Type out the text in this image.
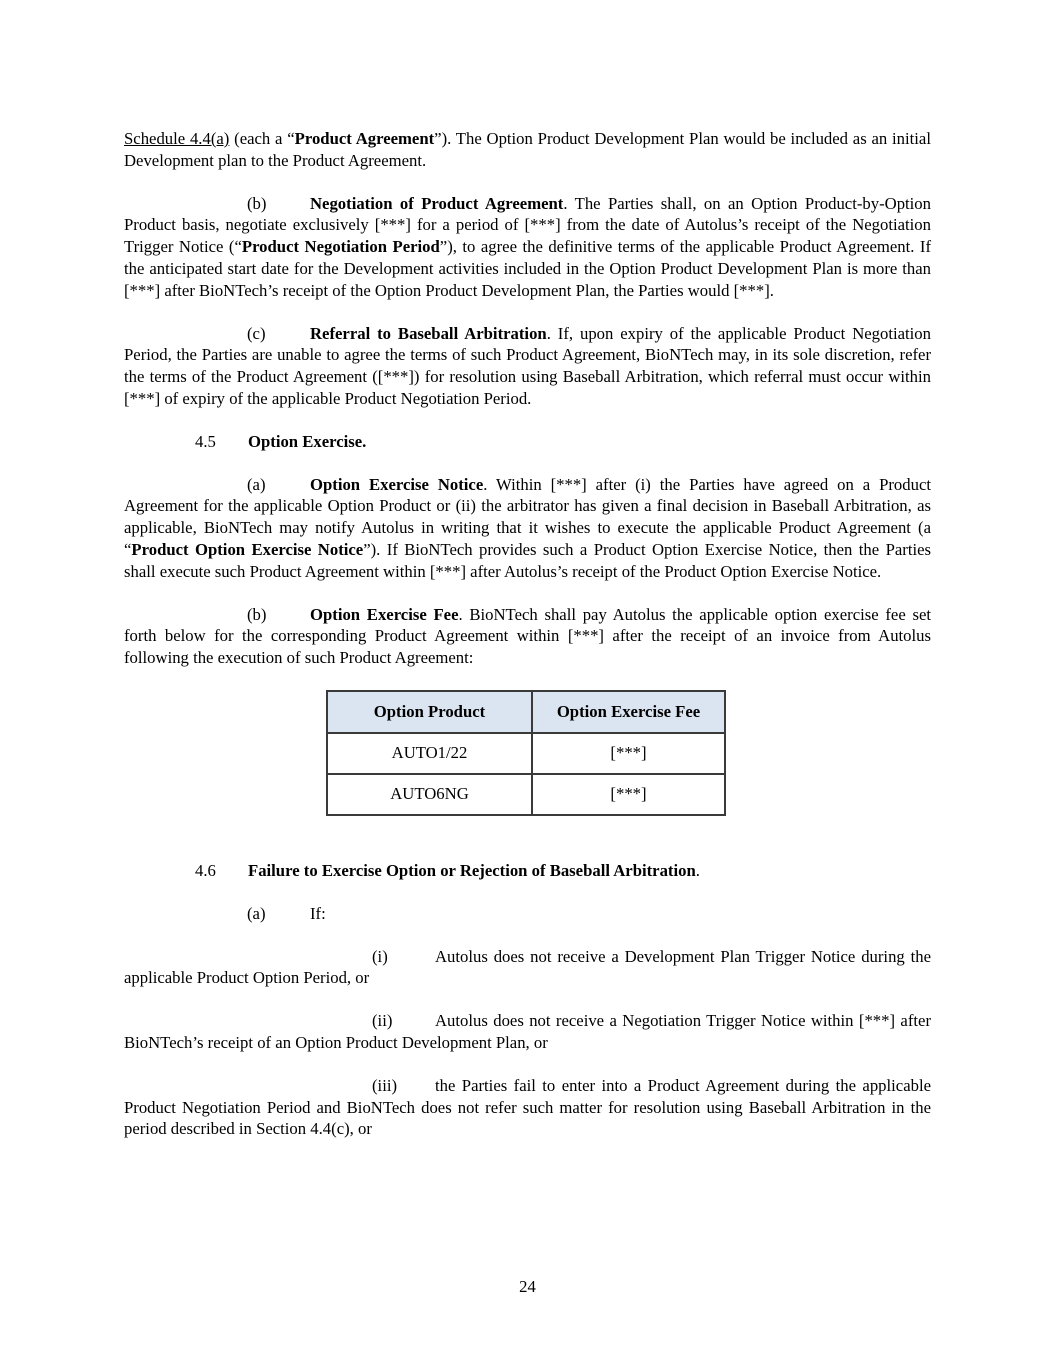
Schedule 4.4(a) (each a “Product Agreement”). The Option Product Development Plan would be included as an initial Development plan to the Product Agreement.

(b)	Negotiation of Product Agreement. The Parties shall, on an Option Product-by-Option Product basis, negotiate exclusively [***] for a period of [***] from the date of Autolus’s receipt of the Negotiation Trigger Notice (“Product Negotiation Period”), to agree the definitive terms of the applicable Product Agreement. If the anticipated start date for the Development activities included in the Option Product Development Plan is more than [***] after BioNTech’s receipt of the Option Product Development Plan, the Parties would [***].

(c)	Referral to Baseball Arbitration. If, upon expiry of the applicable Product Negotiation Period, the Parties are unable to agree the terms of such Product Agreement, BioNTech may, in its sole discretion, refer the terms of the Product Agreement ([***]) for resolution using Baseball Arbitration, which referral must occur within [***] of expiry of the applicable Product Negotiation Period.

4.5 Option Exercise.

(a)	Option Exercise Notice. Within [***] after (i) the Parties have agreed on a Product Agreement for the applicable Option Product or (ii) the arbitrator has given a final decision in Baseball Arbitration, as applicable, BioNTech may notify Autolus in writing that it wishes to execute the applicable Product Agreement (a “Product Option Exercise Notice”). If BioNTech provides such a Product Option Exercise Notice, then the Parties shall execute such Product Agreement within [***] after Autolus’s receipt of the Product Option Exercise Notice.

(b)	Option Exercise Fee. BioNTech shall pay Autolus the applicable option exercise fee set forth below for the corresponding Product Agreement within [***] after the receipt of an invoice from Autolus following the execution of such Product Agreement:

Option Product	Option Exercise Fee
AUTO1/22	[***]
AUTO6NG	[***]

4.6 Failure to Exercise Option or Rejection of Baseball Arbitration.

(a)	If:

(i)	Autolus does not receive a Development Plan Trigger Notice during the applicable Product Option Period, or

(ii)	Autolus does not receive a Negotiation Trigger Notice within [***] after BioNTech’s receipt of an Option Product Development Plan, or

(iii) the Parties fail to enter into a Product Agreement during the applicable Product Negotiation Period and BioNTech does not refer such matter for resolution using Baseball Arbitration in the period described in Section 4.4(c), or

24
